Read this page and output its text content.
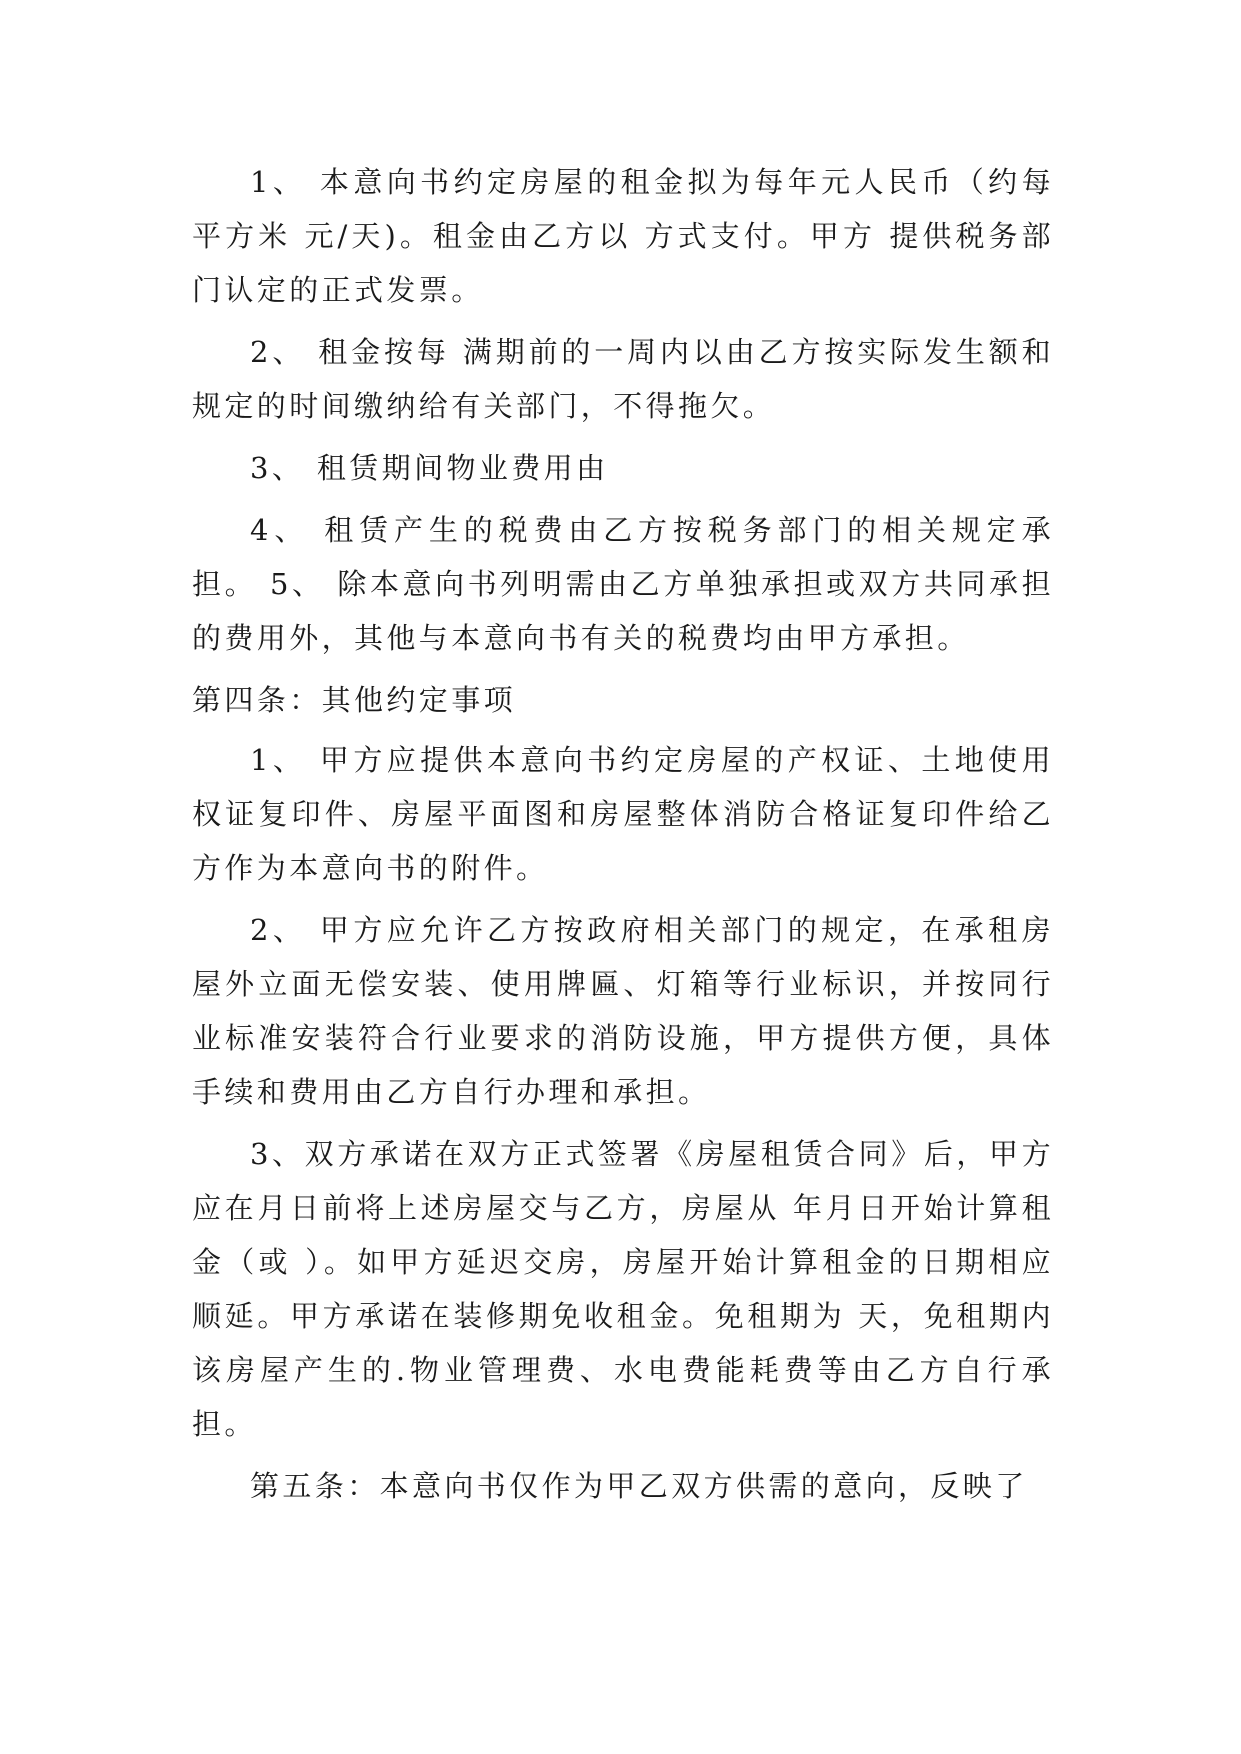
1、 本意向书约定房屋的租金拟为每年元人民币（约每平方米 元/天)。租金由乙方以 方式支付。甲方 提供税务部门认定的正式发票。

2、 租金按每 满期前的一周内以由乙方按实际发生额和规定的时间缴纳给有关部门，不得拖欠。

3、 租赁期间物业费用由

4、 租赁产生的税费由乙方按税务部门的相关规定承担。 5、 除本意向书列明需由乙方单独承担或双方共同承担的费用外，其他与本意向书有关的税费均由甲方承担。

第四条：其他约定事项

1、 甲方应提供本意向书约定房屋的产权证、土地使用权证复印件、房屋平面图和房屋整体消防合格证复印件给乙方作为本意向书的附件。

2、 甲方应允许乙方按政府相关部门的规定，在承租房屋外立面无偿安装、使用牌匾、灯箱等行业标识，并按同行业标准安装符合行业要求的消防设施，甲方提供方便，具体手续和费用由乙方自行办理和承担。

3、双方承诺在双方正式签署《房屋租赁合同》后，甲方应在月日前将上述房屋交与乙方，房屋从 年月日开始计算租金（或 ）。如甲方延迟交房，房屋开始计算租金的日期相应顺延。甲方承诺在装修期免收租金。免租期为 天，免租期内该房屋产生的.物业管理费、水电费能耗费等由乙方自行承担。

第五条：本意向书仅作为甲乙双方供需的意向，反映了
